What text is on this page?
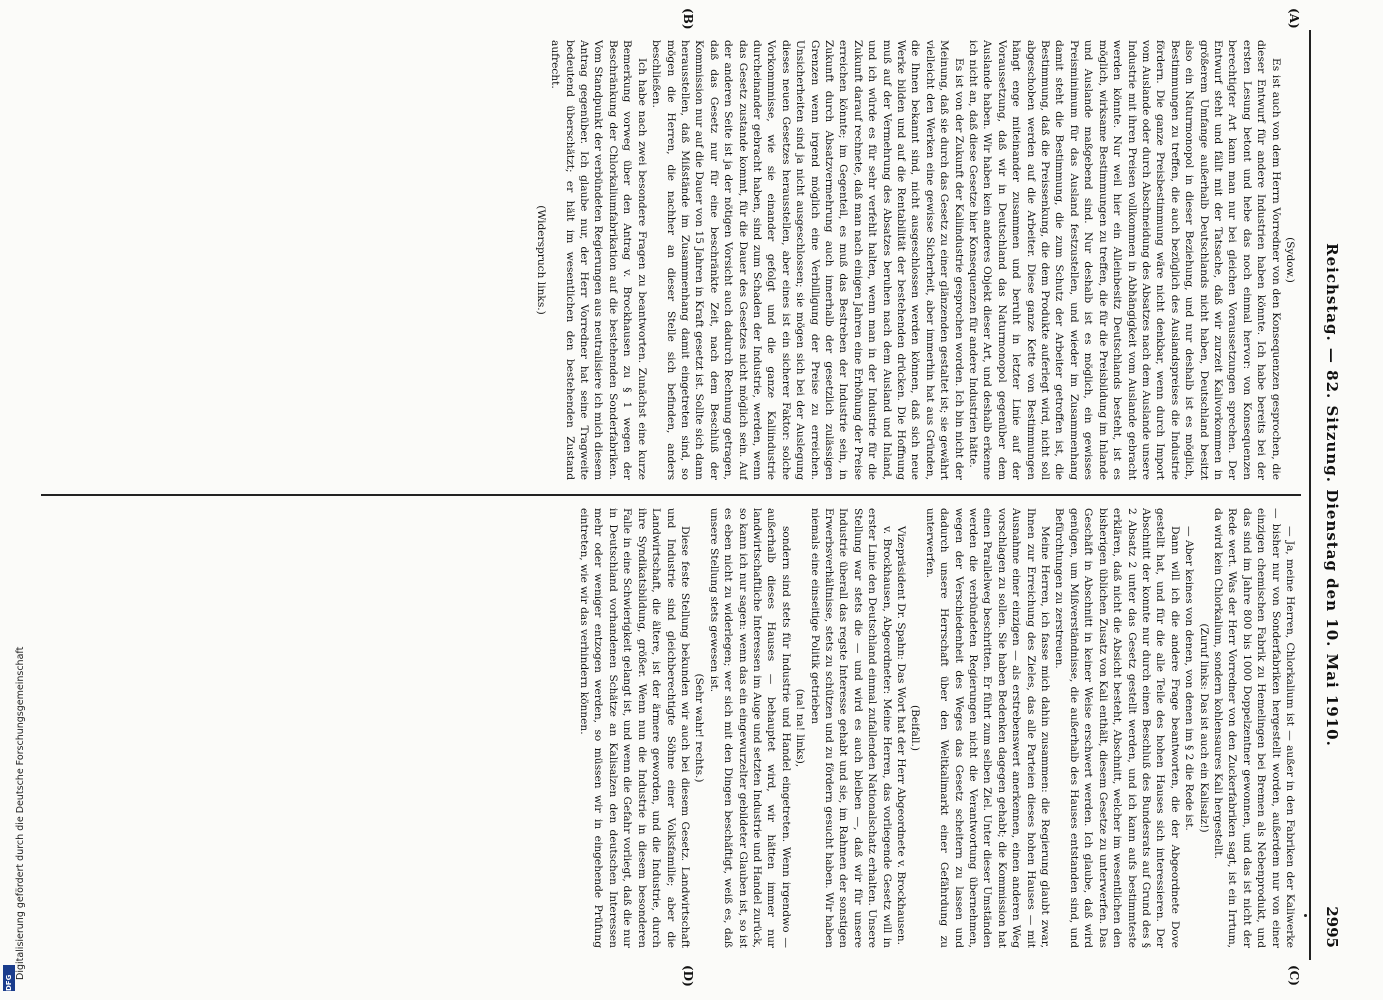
Digitalisierung gefördert durch die Deutsche Forschungsgemeinschaft
DFG
Reichstag. — 82. Sitzung. Dienstag den 10. Mai 1910.
2995
(A)
(B)
(C)
(D)

(Sydow.)

Es ist auch von dem Herrn Vorredner von den Konsequenzen gesprochen, die dieser Entwurf für andere Industrien haben könnte. Ich habe bereits bei der ersten Lesung betont und hebe das noch einmal hervor: von Konsequenzen berechtigter Art kann man nur bei gleichen Voraussetzungen sprechen. Der Entwurf steht und fällt mit der Tatsache, daß wir zurzeit Kalivorkommen in größerem Umfange außerhalb Deutschlands nicht haben, Deutschland besitzt also ein Naturmonopol in dieser Beziehung, und nur deshalb ist es möglich, Bestimmungen zu treffen, die auch bezüglich des Auslandspreises die Industrie fördern. Die ganze Preisbestimmung wäre nicht denkbar, wenn durch Import vom Auslande oder durch Abschneidung des Absatzes nach dem Auslande unsere Industrie mit ihren Preisen vollkommen in Abhängigkeit vom Auslande gebracht werden könnte. Nur weil hier ein Alleinbesitz Deutschlands besteht, ist es möglich, wirksame Bestimmungen zu treffen, die für die Preisbildung im Inlande und Auslande maßgebend sind. Nur deshalb ist es möglich, ein gewisses Preisminimum für das Ausland festzustellen, und wieder im Zusammenhang damit steht die Bestimmung, die zum Schutz der Arbeiter getroffen ist, die Bestimmung, daß die Preissenkung, die dem Produkte auferlegt wird, nicht soll abgeschoben werden auf die Arbeiter. Diese ganze Kette von Bestimmungen hängt enge miteinander zusammen und beruht in letzter Linie auf der Voraussetzung, daß wir in Deutschland das Naturmonopol gegenüber dem Auslande haben. Wir haben kein anderes Objekt dieser Art, und deshalb erkenne ich nicht an, daß diese Gesetze hier Konsequenzen für andere Industrien hätte.

Es ist von der Zukunft der Kaliindustrie gesprochen worden. Ich bin nicht der Meinung, daß sie durch das Gesetz zu einer glänzenden gestaltet ist; sie gewährt vielleicht den Werken eine gewisse Sicherheit, aber immerhin hat aus Gründen, die Ihnen bekannt sind, nicht ausgeschlossen werden können, daß sich neue Werke bilden und auf die Rentabilität der bestehenden drücken. Die Hoffnung muß auf der Vermehrung des Absatzes beruhen nach dem Ausland und Inland, und ich würde es für sehr verfehlt halten, wenn man in der Industrie für die Zukunft darauf rechnete, daß man nach einigen Jahren eine Erhöhung der Preise erreichen könnte; im Gegenteil, es muß das Bestreben der Industrie sein, in Zukunft durch Absatzvermehrung auch innerhalb der gesetzlich zulässigen Grenzen wenn irgend möglich eine Verbilligung der Preise zu erreichen. Unsicherheiten sind ja nicht ausgeschlossen; sie mögen sich bei der Auslegung dieses neuen Gesetzes herausstellen, aber eines ist ein sicherer Faktor: solche Vorkommnisse, wie sie einander gefolgt und die ganze Kaliindustrie durcheinander gebracht haben, sind zum Schaden der Industrie, werden, wenn das Gesetz zustande kommt, für die Dauer des Gesetzes nicht möglich sein. Auf der anderen Seite ist ja der nötigen Vorsicht auch dadurch Rechnung getragen, daß das Gesetz nur für eine beschränkte Zeit, nach dem Beschluß der Kommission nur auf die Dauer von 15 Jahren in Kraft gesetzt ist. Sollte sich dann herausstellen, daß Mißstände im Zusammenhang damit eingetreten sind, so mögen die Herren, die nachher an dieser Stelle sich befinden, anders beschließen.

Ich habe nach zwei besondere Fragen zu beantworten. Zunächst eine kurze Bemerkung vorweg über den Antrag v. Brockhausen zu § 1 wegen der Beschränkung der Chlorkaliumfabrikation auf die bestehenden Sonderfabriken. Vom Standpunkt der verbündeten Regierungen aus neutralisiere ich mich diesem Antrag gegenüber. Ich glaube nur, der Herr Vorredner hat seine Tragweite bedeutend überschätzt; er hält im wesentlichen den bestehenden Zustand aufrecht.

(Widerspruch links.)

— Ja, meine Herren, Chlorkalium ist — außer in den Fabriken der Kaliwerke — bisher nur von Sonderfabriken hergestellt worden, außerdem nur von einer einzigen chemischen Fabrik zu Hemelingen bei Bremen als Nebenprodukt, und das sind im Jahre 800 bis 1000 Doppelzentner gewonnen, und das ist nicht der Rede wert. Was der Herr Vorredner von den Zuckerfabriken sagt, ist ein Irrtum, da wird kein Chlorkalium, sondern kohlensaures Kali hergestellt.

(Zuruf links: Das ist auch ein Kalisalz!)

— Aber keines von denen, von denen im § 2 die Rede ist.

Dann will ich die andere Frage beantworten, die der Abgeordnete Dove gestellt hat, und für die alle Teile des hohen Hauses sich interessieren. Der Abschnitt der konnte nur durch einen Beschluß des Bundesrats auf Grund des § 2 Absatz 2 unter das Gesetz gestellt werden, und ich kann aufs bestimmteste erklären, daß nicht die Absicht besteht, Abschnitt, welcher im wesentlichen den bisherigen üblichen Zusatz von Kali enthält, diesem Gesetze zu unterwerfen. Das Geschäft in Abschnitt in keiner Weise erschwert werden. Ich glaube, daß wird genügen, um Mißverständnisse, die außerhalb des Hauses entstanden sind, und Befürchtungen zu zerstreuen.

Meine Herren, ich fasse mich dahin zusammen: die Regierung glaubt zwar, Ihnen zur Erreichung des Zieles, das alle Parteien dieses hohen Hauses — mit Ausnahme einer einzigen — als erstrebenswert anerkennen, einen anderen Weg vorschlagen zu sollen. Sie haben Bedenken dagegen gehabt; die Kommission hat einen Parallelweg beschritten. Er führt zum selben Ziel. Unter dieser Umständen werden die verbündeten Regierungen nicht die Verantwortung übernehmen, wegen der Verschiedenheit des Weges das Gesetz scheitern zu lassen und dadurch unsere Herrschaft über den Weltkalimarkt einer Gefährdung zu unterwerfen.

(Beifall.)

Vizepräsident Dr. Spahn: Das Wort hat der Herr Abgeordnete v. Brockhausen.

v. Brockhausen, Abgeordneter: Meine Herren, das vorliegende Gesetz will in erster Linie den Deutschland einmal zufallenden Nationalschatz erhalten. Unsere Stellung war stets die — und wird es auch bleiben —, daß wir für unsere Industrie überall das regste Interesse gehabt und sie, im Rahmen der sonstigen Erwerbsverhältnisse, stets zu schützen und zu fördern gesucht haben. Wir haben niemals eine einseitige Politik getrieben

(na! na! links),

sondern sind stets für Industrie und Handel eingetreten. Wenn irgendwo — außerhalb dieses Hauses — behauptet wird, wir hätten immer nur landwirtschaftliche Interessen im Auge und setzten Industrie und Handel zurück, so kann ich nur sagen: wenn das ein eingewurzelter gebildeter Glauben ist, so ist es eben nicht zu widerlegen; wer sich mit den Dingen beschäftigt, weiß es, daß unsere Stellung stets gewesen ist.

(Sehr wahr! rechts.)

Diese feste Stellung bekunden wir auch bei diesem Gesetz. Landwirtschaft und Industrie sind gleichberechtigte Söhne einer Volksfamilie; aber die Landwirtschaft, die ältere, ist der ärmere geworden, und die Industrie, durch ihre Syndikatsbildung, größer. Wenn nun die Industrie in diesem besonderen Falle in eine Schwierigkeit gelangt ist, und wenn die Gefahr vorliegt, daß die nur in Deutschland vorhandenen Schätze an Kalisalzen den deutschen Interessen mehr oder weniger entzogen werden, so müssen wir in eingehende Prüfung eintreten, wie wir das verhindern können.
